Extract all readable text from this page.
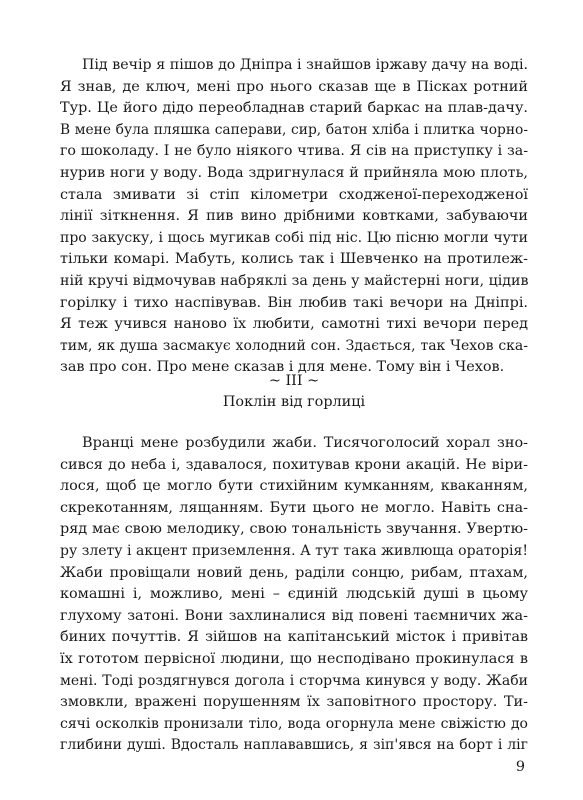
Під вечір я пішов до Дніпра і знайшов іржаву дачу на воді.
Я знав, де ключ, мені про нього сказав ще в Пісках ротний
Тур. Це його дідо переобладнав старий баркас на плав-дачу.
В мене була пляшка саперави, сир, батон хліба і плитка чорно-
го шоколаду. І не було ніякого чтива. Я сів на приступку і за-
нурив ноги у воду. Вода здригнулася й прийняла мою плоть,
стала змивати зі стіп кілометри сходженої-переходженої
лінії зіткнення. Я пив вино дрібними ковтками, забуваючи
про закуску, і щось мугикав собі під ніс. Цю пісню могли чути
тільки комарі. Мабуть, колись так і Шевченко на протилеж-
ній кручі відмочував набряклі за день у майстерні ноги, цідив
горілку і тихо наспівував. Він любив такі вечори на Дніпрі.
Я теж учився наново їх любити, самотні тихі вечори перед
тим, як душа засмакує холодний сон. Здається, так Чехов ска-
зав про сон. Про мене сказав і для мене. Тому він і Чехов.
~ III ~
Поклін від горлиці
Вранці мене розбудили жаби. Тисячоголосий хорал зно-
сився до неба і, здавалося, похитував крони акацій. Не віри-
лося, щоб це могло бути стихійним кумканням, кваканням,
скрекотанням, лящанням. Бути цього не могло. Навіть сна-
ряд має свою мелодику, свою тональність звучання. Увертю-
ру злету і акцент приземлення. А тут така живлюща ораторія!
Жаби провіщали новий день, раділи сонцю, рибам, птахам,
комашні і, можливо, мені – єдиній людській душі в цьому
глухому затоні. Вони захлиналися від повені таємничих жа-
биних почуттів. Я зійшов на капітанський місток і привітав
їх гототом первісної людини, що несподівано прокинулася в
мені. Тоді роздягнувся догола і сторчма кинувся у воду. Жаби
змовкли, вражені порушенням їх заповітного простору. Ти-
сячі осколків пронизали тіло, вода огорнула мене свіжістю до
глибини душі. Вдосталь наплававшись, я зіп'явся на борт і ліг
9
